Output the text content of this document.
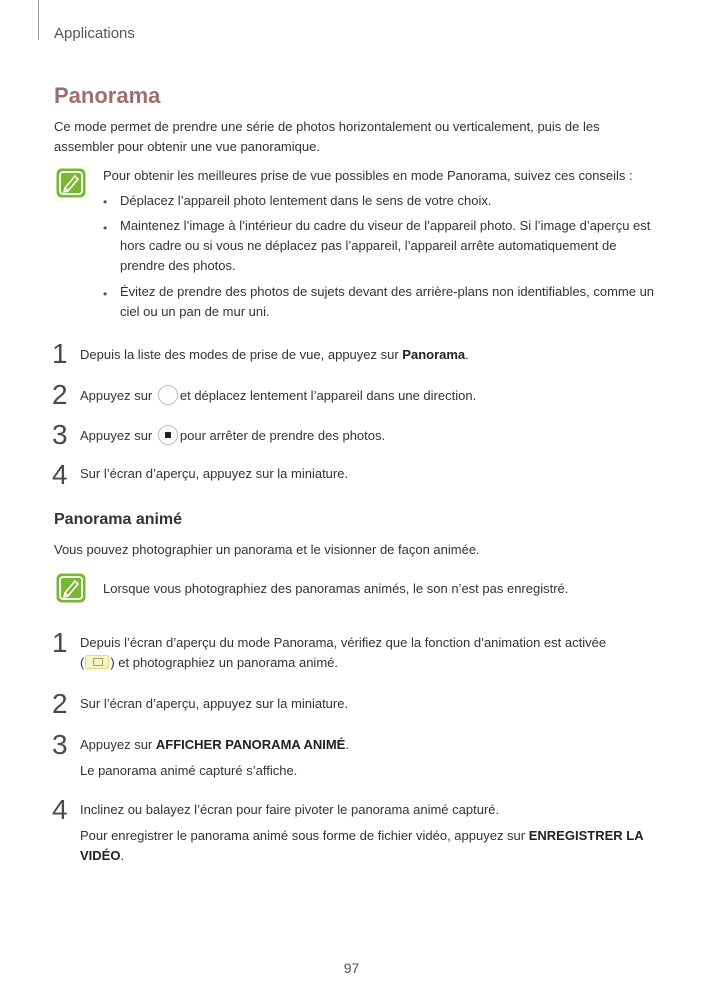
Applications
Panorama
Ce mode permet de prendre une série de photos horizontalement ou verticalement, puis de les assembler pour obtenir une vue panoramique.
Pour obtenir les meilleures prise de vue possibles en mode Panorama, suivez ces conseils :
• Déplacez l’appareil photo lentement dans le sens de votre choix.
• Maintenez l’image à l’intérieur du cadre du viseur de l’appareil photo. Si l’image d’aperçu est hors cadre ou si vous ne déplacez pas l’appareil, l’appareil arrête automatiquement de prendre des photos.
• Évitez de prendre des photos de sujets devant des arrière-plans non identifiables, comme un ciel ou un pan de mur uni.
1 Depuis la liste des modes de prise de vue, appuyez sur Panorama.
2 Appuyez sur et déplacez lentement l’appareil dans une direction.
3 Appuyez sur
pour arrêter de prendre des photos.
4 Sur l’écran d’aperçu, appuyez sur la miniature.
Panorama animé
Vous pouvez photographier un panorama et le visionner de façon animée.
Lorsque vous photographiez des panoramas animés, le son n’est pas enregistré.
1 Depuis l’écran d’aperçu du mode Panorama, vérifiez que la fonction d’animation est activée
( ) et photographiez un panorama animé.
2 Sur l’écran d’aperçu, appuyez sur la miniature.
3 Appuyez sur AFFICHER PANORAMA ANIMÉ.
Le panorama animé capturé s’affiche.
4 Inclinez ou balayez l’écran pour faire pivoter le panorama animé capturé.
Pour enregistrer le panorama animé sous forme de fichier vidéo, appuyez sur ENREGISTRER LA
VIDÉO.
97
